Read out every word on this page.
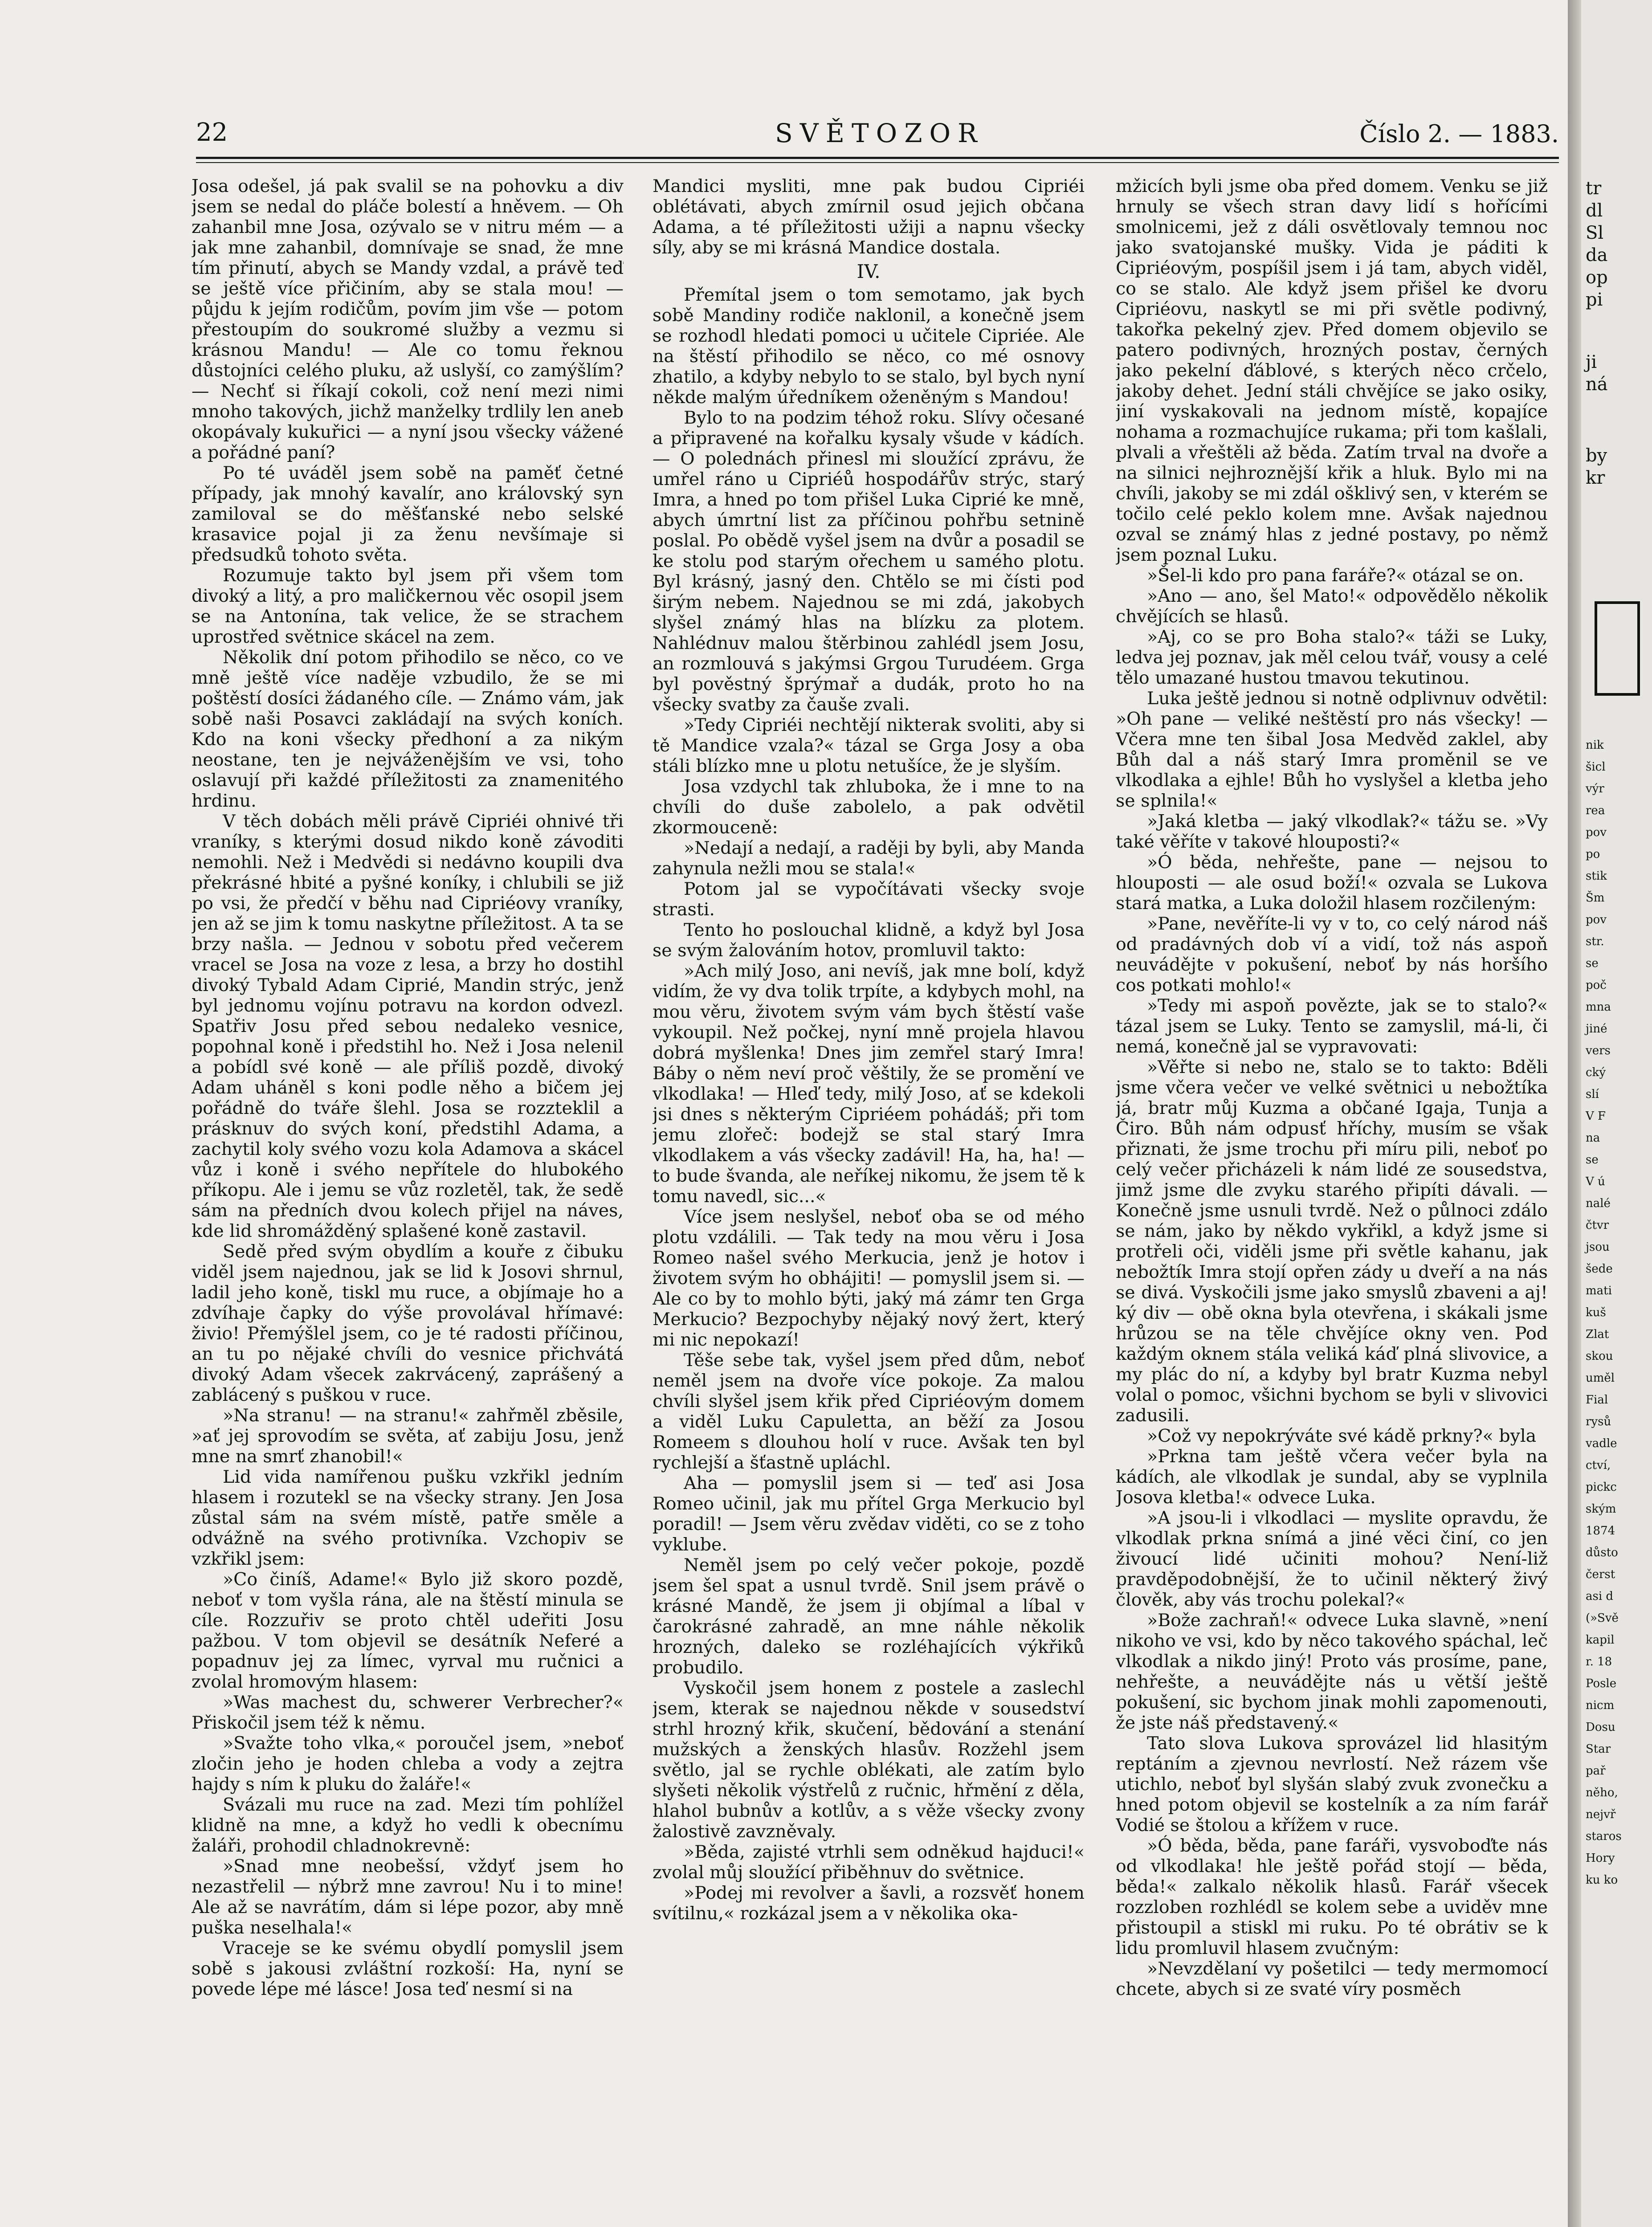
tr
dl
Sl
da
op
pi
ji
ná
by
kr
nik
šicl
výr
rea
pov
po
stik
Šm
pov
str.
se
poč
mna
jiné
vers
cký
slí
V F
na
se
V ú
nalé
čtvr
jsou
šede
mati
kuš
Zlat
skou
uměl
Fial
rysů
vadle
ctví,
pickc
ským
1874
důsto
čerst
asi d
(»Svě
kapil
r. 18
Posle
nicm
Dosu
Star
pař
něho,
nejvř
staros
Hory
ku ko
22	SVĚTOZOR	Číslo 2. — 1883.

Josa odešel, já pak svalil se na pohovku a div jsem se nedal do pláče bolestí a hněvem. — Oh zahanbil mne Josa, ozývalo se v nitru mém — a jak mne zahanbil, domnívaje se snad, že mne tím přinutí, abych se Mandy vzdal, a právě teď se ještě více přičiním, aby se stala mou! — půjdu k jejím rodičům, povím jim vše — potom přestoupím do soukromé služby a vezmu si krásnou Mandu! — Ale co tomu řeknou důstojníci celého pluku, až uslyší, co zamýšlím? — Nechť si říkají cokoli, což není mezi nimi mnoho takových, jichž manželky trdlily len aneb okopávaly kukuřici — a nyní jsou všecky vážené a pořádné paní?

Po té uváděl jsem sobě na paměť četné případy, jak mnohý kavalír, ano královský syn zamiloval se do měšťanské nebo selské krasavice pojal ji za ženu nevšímaje si předsudků tohoto světa.

Rozumuje takto byl jsem při všem tom divoký a litý, a pro maličkernou věc osopil jsem se na Antonína, tak velice, že se strachem uprostřed světnice skácel na zem.

Několik dní potom přihodilo se něco, co ve mně ještě více naděje vzbudilo, že se mi poštěstí dosíci žádaného cíle. — Známo vám, jak sobě naši Posavci zakládají na svých koních. Kdo na koni všecky předhoní a za nikým neostane, ten je nejváženějším ve vsi, toho oslavují při každé příležitosti za znamenitého hrdinu.

V těch dobách měli právě Cipriéi ohnivé tři vraníky, s kterými dosud nikdo koně závoditi nemohli. Než i Medvědi si nedávno koupili dva překrásné hbité a pyšné koníky, i chlubili se již po vsi, že předčí v běhu nad Cipriéovy vraníky, jen až se jim k tomu naskytne příležitost. A ta se brzy našla. — Jednou v sobotu před večerem vracel se Josa na voze z lesa, a brzy ho dostihl divoký Tybald Adam Ciprié, Mandin strýc, jenž byl jednomu vojínu potravu na kordon odvezl. Spatřiv Josu před sebou nedaleko vesnice, popohnal koně i předstihl ho. Než i Josa nelenil a pobídl své koně — ale příliš pozdě, divoký Adam uháněl s koni podle něho a bičem jej pořádně do tváře šlehl. Josa se rozzteklil a prásknuv do svých koní, předstihl Adama, a zachytil koly svého vozu kola Adamova a skácel vůz i koně i svého nepřítele do hlubokého příkopu. Ale i jemu se vůz rozletěl, tak, že sedě sám na předních dvou kolech přijel na náves, kde lid shromážděný splašené koně zastavil.

Sedě před svým obydlím a kouře z čibuku viděl jsem najednou, jak se lid k Josovi shrnul, ladil jeho koně, tiskl mu ruce, a objímaje ho a zdvíhaje čapky do výše provolával hřímavé: živio! Přemýšlel jsem, co je té radosti příčinou, an tu po nějaké chvíli do vesnice přichvátá divoký Adam všecek zakrvácený, zaprášený a zablácený s puškou v ruce.

»Na stranu! — na stranu!« zahřměl zběsile, »ať jej sprovodím se světa, ať zabiju Josu, jenž mne na smrť zhanobil!«

Lid vida namířenou pušku vzkřikl jedním hlasem i rozutekl se na všecky strany. Jen Josa zůstal sám na svém místě, patře směle a odvážně na svého protivníka. Vzchopiv se vzkřikl jsem:

»Co činíš, Adame!« Bylo již skoro pozdě, neboť v tom vyšla rána, ale na štěstí minula se cíle. Rozzuřiv se proto chtěl udeřiti Josu pažbou. V tom objevil se desátník Neferé a popadnuv jej za límec, vyrval mu ručnici a zvolal hromovým hlasem:

»Was machest du, schwerer Verbrecher?« Přiskočil jsem též k němu.

»Svažte toho vlka,« poroučel jsem, »neboť zločin jeho je hoden chleba a vody a zejtra hajdy s ním k pluku do žaláře!«

Svázali mu ruce na zad. Mezi tím pohlížel klidně na mne, a když ho vedli k obecnímu žaláři, prohodil chladnokrevně:

»Snad mne neobešsí, vždyť jsem ho nezastřelil — nýbrž mne zavrou! Nu i to mine! Ale až se navrátím, dám si lépe pozor, aby mně puška neselhala!«

Vraceje se ke svému obydlí pomyslil jsem sobě s jakousi zvláštní rozkoší: Ha, nyní se povede lépe mé lásce! Josa teď nesmí si na

Mandici mysliti, mne pak budou Cipriéi oblétávati, abych zmírnil osud jejich občana Adama, a té příležitosti užiji a napnu všecky síly, aby se mi krásná Mandice dostala.

IV.

Přemítal jsem o tom semotamo, jak bych sobě Mandiny rodiče naklonil, a konečně jsem se rozhodl hledati pomoci u učitele Cipriée. Ale na štěstí přihodilo se něco, co mé osnovy zhatilo, a kdyby nebylo to se stalo, byl bych nyní někde malým úředníkem oženěným s Mandou!

Bylo to na podzim téhož roku. Slívy očesané a připravené na kořalku kysaly všude v kádích. — O polednách přinesl mi sloužící zprávu, že umřel ráno u Cipriéů hospodářův strýc, starý Imra, a hned po tom přišel Luka Ciprié ke mně, abych úmrtní list za příčinou pohřbu setnině poslal. Po obědě vyšel jsem na dvůr a posadil se ke stolu pod starým ořechem u samého plotu. Byl krásný, jasný den. Chtělo se mi čísti pod širým nebem. Najednou se mi zdá, jakobych slyšel známý hlas na blízku za plotem. Nahlédnuv malou štěrbinou zahlédl jsem Josu, an rozmlouvá s jakýmsi Grgou Turudéem. Grga byl pověstný šprýmař a dudák, proto ho na všecky svatby za čauše zvali.

»Tedy Cipriéi nechtějí nikterak svoliti, aby si tě Mandice vzala?« tázal se Grga Josy a oba stáli blízko mne u plotu netušíce, že je slyším.

Josa vzdychl tak zhluboka, že i mne to na chvíli do duše zabolelo, a pak odvětil zkormouceně:

»Nedají a nedají, a raději by byli, aby Manda zahynula nežli mou se stala!«

Potom jal se vypočítávati všecky svoje strasti.

Tento ho poslouchal klidně, a když byl Josa se svým žalováním hotov, promluvil takto:

»Ach milý Joso, ani nevíš, jak mne bolí, když vidím, že vy dva tolik trpíte, a kdybych mohl, na mou věru, životem svým vám bych štěstí vaše vykoupil. Než počkej, nyní mně projela hlavou dobrá myšlenka! Dnes jim zemřel starý Imra! Báby o něm neví proč věštily, že se promění ve vlkodlaka! — Hleď tedy, milý Joso, ať se kdekoli jsi dnes s některým Cipriéem pohádáš; při tom jemu zlořeč: bodejž se stal starý Imra vlkodlakem a vás všecky zadávil! Ha, ha, ha! — to bude švanda, ale neříkej nikomu, že jsem tě k tomu navedl, sic...«

Více jsem neslyšel, neboť oba se od mého plotu vzdálili. — Tak tedy na mou věru i Josa Romeo našel svého Merkucia, jenž je hotov i životem svým ho obhájiti! — pomyslil jsem si. — Ale co by to mohlo býti, jaký má zámr ten Grga Merkucio? Bezpochyby nějaký nový žert, který mi nic nepokazí!

Těše sebe tak, vyšel jsem před dům, neboť neměl jsem na dvoře více pokoje. Za malou chvíli slyšel jsem křik před Cipriéovým domem a viděl Luku Capuletta, an běží za Josou Romeem s dlouhou holí v ruce. Avšak ten byl rychlejší a šťastně upláchl.

Aha — pomyslil jsem si — teď asi Josa Romeo učinil, jak mu přítel Grga Merkucio byl poradil! — Jsem věru zvědav viděti, co se z toho vyklube.

Neměl jsem po celý večer pokoje, pozdě jsem šel spat a usnul tvrdě. Snil jsem právě o krásné Mandě, že jsem ji objímal a líbal v čarokrásné zahradě, an mne náhle několik hrozných, daleko se rozléhajících výkřiků probudilo.

Vyskočil jsem honem z postele a zaslechl jsem, kterak se najednou někde v sousedství strhl hrozný křik, skučení, bědování a stenání mužských a ženských hlasův. Rozžehl jsem světlo, jal se rychle oblékati, ale zatím bylo slyšeti několik výstřelů z ručnic, hřmění z děla, hlahol bubnův a kotlův, a s věže všecky zvony žalostivě zavzněvaly.

»Běda, zajisté vtrhli sem odněkud hajduci!« zvolal můj sloužící přiběhnuv do světnice.

»Podej mi revolver a šavli, a rozsvěť honem svítilnu,« rozkázal jsem a v několika oka-

mžicích byli jsme oba před domem. Venku se již hrnuly se všech stran davy lidí s hořícími smolnicemi, jež z dáli osvětlovaly temnou noc jako svatojanské mušky. Vida je páditi k Cipriéovým, pospíšil jsem i já tam, abych viděl, co se stalo. Ale když jsem přišel ke dvoru Cipriéovu, naskytl se mi při světle podivný, takořka pekelný zjev. Před domem objevilo se patero podivných, hrozných postav, černých jako pekelní ďáblové, s kterých něco crčelo, jakoby dehet. Jední stáli chvějíce se jako osiky, jiní vyskakovali na jednom místě, kopajíce nohama a rozmachujíce rukama; při tom kašlali, plvali a vřeštěli až běda. Zatím trval na dvoře a na silnici nejhroznější křik a hluk. Bylo mi na chvíli, jakoby se mi zdál ošklivý sen, v kterém se točilo celé peklo kolem mne. Avšak najednou ozval se známý hlas z jedné postavy, po němž jsem poznal Luku.

»Šel-li kdo pro pana faráře?« otázal se on.

»Ano — ano, šel Mato!« odpovědělo několik chvějících se hlasů.

»Aj, co se pro Boha stalo?« táži se Luky, ledva jej poznav, jak měl celou tvář, vousy a celé tělo umazané hustou tmavou tekutinou.

Luka ještě jednou si notně odplivnuv odvětil: »Oh pane — veliké neštěstí pro nás všecky! — Včera mne ten šibal Josa Medvěd zaklel, aby Bůh dal a náš starý Imra proměnil se ve vlkodlaka a ejhle! Bůh ho vyslyšel a kletba jeho se splnila!«

»Jaká kletba — jaký vlkodlak?« tážu se. »Vy také věříte v takové hlouposti?«

»Ó běda, nehřešte, pane — nejsou to hlouposti — ale osud boží!« ozvala se Lukova stará matka, a Luka doložil hlasem rozčileným:

»Pane, nevěříte-li vy v to, co celý národ náš od pradávných dob ví a vidí, tož nás aspoň neuvádějte v pokušení, neboť by nás horšího cos potkati mohlo!«

»Tedy mi aspoň povězte, jak se to stalo?« tázal jsem se Luky. Tento se zamyslil, má-li, či nemá, konečně jal se vypravovati:

»Věřte si nebo ne, stalo se to takto: Bděli jsme včera večer ve velké světnici u nebožtíka já, bratr můj Kuzma a občané Igaja, Tunja a Čiro. Bůh nám odpusť hříchy, musím se však přiznati, že jsme trochu při míru pili, neboť po celý večer přicházeli k nám lidé ze sousedstva, jimž jsme dle zvyku starého připíti dávali. — Konečně jsme usnuli tvrdě. Než o půlnoci zdálo se nám, jako by někdo vykřikl, a když jsme si protřeli oči, viděli jsme při světle kahanu, jak nebožtík Imra stojí opřen zády u dveří a na nás se divá. Vyskočili jsme jako smyslů zbaveni a aj! ký div — obě okna byla otevřena, i skákali jsme hrůzou se na těle chvějíce okny ven. Pod každým oknem stála veliká káď plná slivovice, a my plác do ní, a kdyby byl bratr Kuzma nebyl volal o pomoc, všichni bychom se byli v slivovici zadusili.

»Což vy nepokrýváte své kádě prkny?« byla

»Prkna tam ještě včera večer byla na kádích, ale vlkodlak je sundal, aby se vyplnila Josova kletba!« odvece Luka.

»A jsou-li i vlkodlaci — myslite opravdu, že vlkodlak prkna snímá a jiné věci činí, co jen živoucí lidé učiniti mohou? Není-liž pravděpodobnější, že to učinil některý živý člověk, aby vás trochu polekal?«

»Bože zachraň!« odvece Luka slavně, »není nikoho ve vsi, kdo by něco takového spáchal, leč vlkodlak a nikdo jiný! Proto vás prosíme, pane, nehřešte, a neuvádějte nás u větší ještě pokušení, sic bychom jinak mohli zapomenouti, že jste náš představený.«

Tato slova Lukova sprovázel lid hlasitým reptáním a zjevnou nevrlostí. Než rázem vše utichlo, neboť byl slyšán slabý zvuk zvonečku a hned potom objevil se kostelník a za ním farář Vodié se štolou a křížem v ruce.

»Ó běda, běda, pane faráři, vysvoboďte nás od vlkodlaka! hle ještě pořád stojí — běda, běda!« zalkalo několik hlasů. Farář všecek rozzloben rozhlédl se kolem sebe a uviděv mne přistoupil a stiskl mi ruku. Po té obrátiv se k lidu promluvil hlasem zvučným:

»Nevzdělaní vy pošetilci — tedy mermomocí chcete, abych si ze svaté víry posměch
